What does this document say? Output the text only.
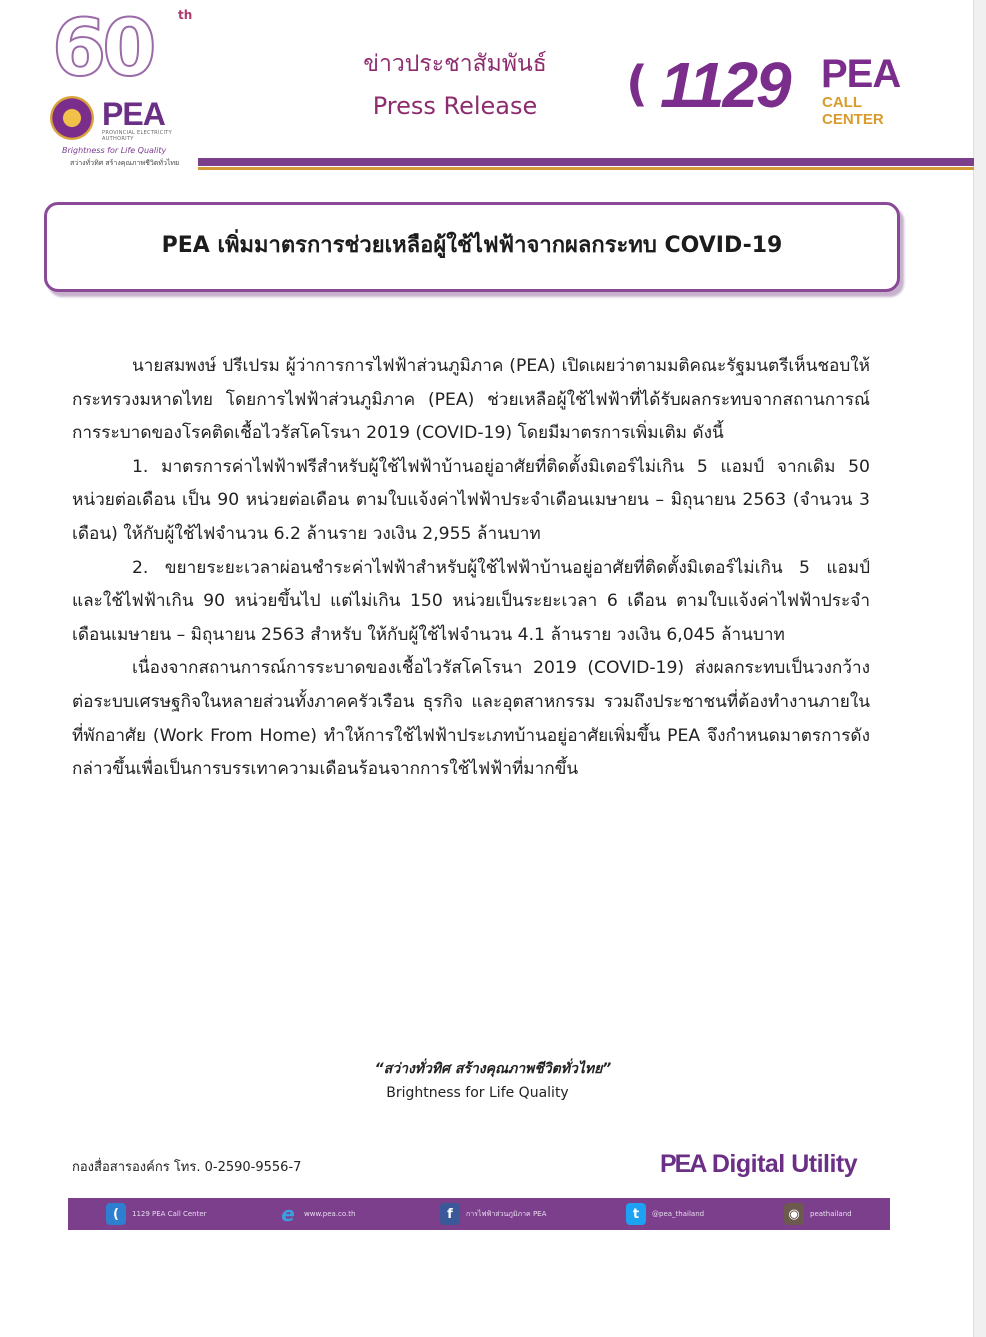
60 th
PEA
PROVINCIAL ELECTRICITY AUTHORITY
Brightness for Life Quality
สว่างทั่วทิศ สร้างคุณภาพชีวิตทั่วไทย
ข่าวประชาสัมพันธ์
Press Release	( 1129 PEA
CALL CENTER
PEA เพิ่มมาตรการช่วยเหลือผู้ใช้ไฟฟ้าจากผลกระทบ COVID-19

นายสมพงษ์ ปรีเปรม ผู้ว่าการการไฟฟ้าส่วนภูมิภาค (PEA) เปิดเผยว่าตามมติคณะรัฐมนตรีเห็นชอบให้กระทรวงมหาดไทย โดยการไฟฟ้าส่วนภูมิภาค (PEA) ช่วยเหลือผู้ใช้ไฟฟ้าที่ได้รับผลกระทบจากสถานการณ์การระบาดของโรคติดเชื้อไวรัสโคโรนา 2019 (COVID-19) โดยมีมาตรการเพิ่มเติม ดังนี้

1. มาตรการค่าไฟฟ้าฟรีสำหรับผู้ใช้ไฟฟ้าบ้านอยู่อาศัยที่ติดตั้งมิเตอร์ไม่เกิน 5 แอมป์ จากเดิม 50 หน่วยต่อเดือน เป็น 90 หน่วยต่อเดือน ตามใบแจ้งค่าไฟฟ้าประจำเดือนเมษายน – มิถุนายน 2563 (จำนวน 3 เดือน) ให้กับผู้ใช้ไฟจำนวน 6.2 ล้านราย วงเงิน 2,955 ล้านบาท

2. ขยายระยะเวลาผ่อนชำระค่าไฟฟ้าสำหรับผู้ใช้ไฟฟ้าบ้านอยู่อาศัยที่ติดตั้งมิเตอร์ไม่เกิน 5 แอมป์ และใช้ไฟฟ้าเกิน 90 หน่วยขึ้นไป แต่ไม่เกิน 150 หน่วยเป็นระยะเวลา 6 เดือน ตามใบแจ้งค่าไฟฟ้าประจำเดือนเมษายน – มิถุนายน 2563 สำหรับ ให้กับผู้ใช้ไฟจำนวน 4.1 ล้านราย วงเงิน 6,045 ล้านบาท

เนื่องจากสถานการณ์การระบาดของเชื้อไวรัสโคโรนา 2019 (COVID-19) ส่งผลกระทบเป็นวงกว้างต่อระบบเศรษฐกิจในหลายส่วนทั้งภาคครัวเรือน ธุรกิจ และอุตสาหกรรม รวมถึงประชาชนที่ต้องทำงานภายในที่พักอาศัย (Work From Home) ทำให้การใช้ไฟฟ้าประเภทบ้านอยู่อาศัยเพิ่มขึ้น PEA จึงกำหนดมาตรการดังกล่าวขึ้นเพื่อเป็นการบรรเทาความเดือนร้อนจากการใช้ไฟฟ้าที่มากขึ้น

“สว่างทั่วทิศ สร้างคุณภาพชีวิตทั่วไทย”
Brightness for Life Quality
กองสื่อสารองค์กร โทร. 0-2590-9556-7	PEA Digital Utility
(	1129 PEA Call Center	e	www.pea.co.th	f	การไฟฟ้าส่วนภูมิภาค PEA	t	@pea_thailand	◉	peathailand
